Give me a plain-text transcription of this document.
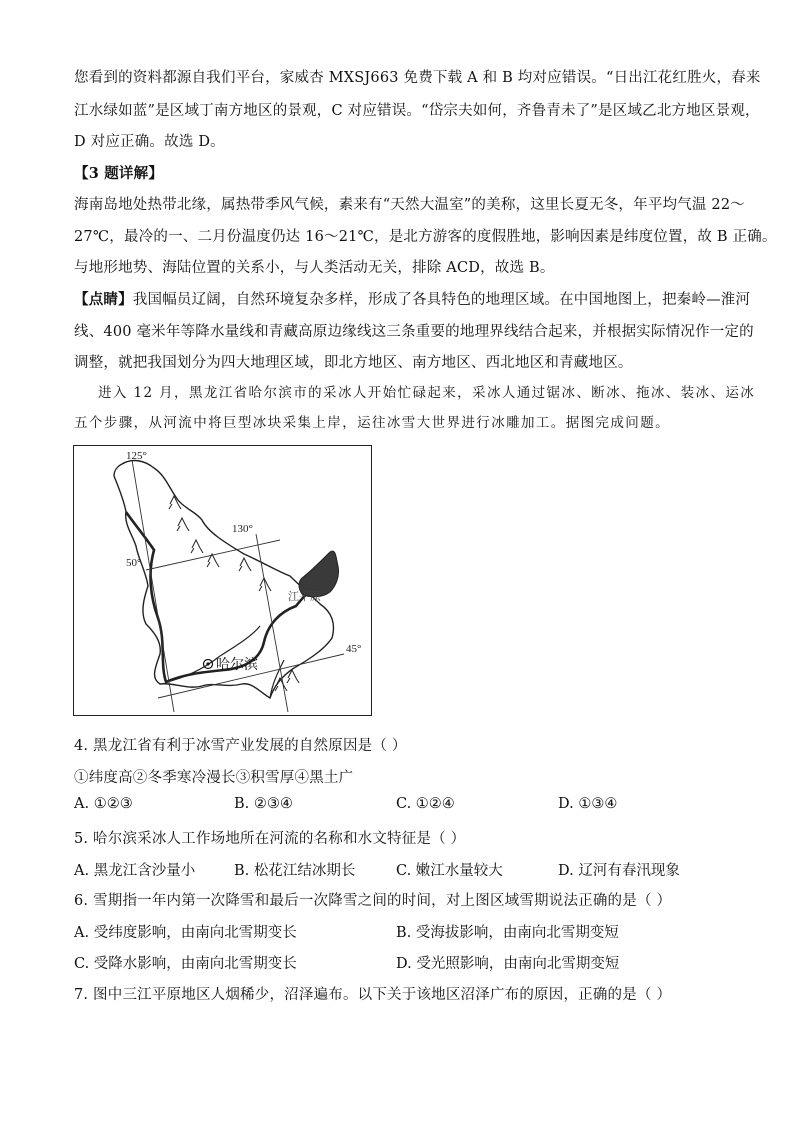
您看到的资料都源自我们平台，家威杏 MXSJ663 免费下载 A 和 B 均对应错误。“日出江花红胜火，春来
江水绿如蓝”是区域丁南方地区的景观，C 对应错误。“岱宗夫如何，齐鲁青未了”是区域乙北方地区景观，
D 对应正确。故选 D。
【3 题详解】
海南岛地处热带北缘，属热带季风气候，素来有“天然大温室”的美称，这里长夏无冬，年平均气温 22～
27℃，最冷的一、二月份温度仍达 16～21℃，是北方游客的度假胜地，影响因素是纬度位置，故 B 正确。
与地形地势、海陆位置的关系小，与人类活动无关，排除 ACD，故选 B。
【点睛】我国幅员辽阔，自然环境复杂多样，形成了各具特色的地理区域。在中国地图上，把秦岭—淮河
线、400 毫米年等降水量线和青藏高原边缘线这三条重要的地理界线结合起来，并根据实际情况作一定的
调整，就把我国划分为四大地理区域，即北方地区、南方地区、西北地区和青藏地区。
进入 12 月，黑龙江省哈尔滨市的采冰人开始忙碌起来，采冰人通过锯冰、断冰、拖冰、装冰、运冰
五个步骤，从河流中将巨型冰块采集上岸，运往冰雪大世界进行冰雕加工。据图完成问题。
125°
130°
50°
45°
哈尔滨
江平原
4. 黑龙江省有利于冰雪产业发展的自然原因是（ ）
①纬度高②冬季寒冷漫长③积雪厚④黑土广
A. ①②③	B. ②③④	C. ①②④	D. ①③④
5. 哈尔滨采冰人工作场地所在河流的名称和水文特征是（ ）
A. 黑龙江含沙量小	B. 松花江结冰期长	C. 嫩江水量较大	D. 辽河有春汛现象
6. 雪期指一年内第一次降雪和最后一次降雪之间的时间，对上图区域雪期说法正确的是（ ）
A. 受纬度影响，由南向北雪期变长	B. 受海拔影响，由南向北雪期变短
C. 受降水影响，由南向北雪期变长	D. 受光照影响，由南向北雪期变短
7. 图中三江平原地区人烟稀少，沼泽遍布。以下关于该地区沼泽广布的原因，正确的是（ ）
